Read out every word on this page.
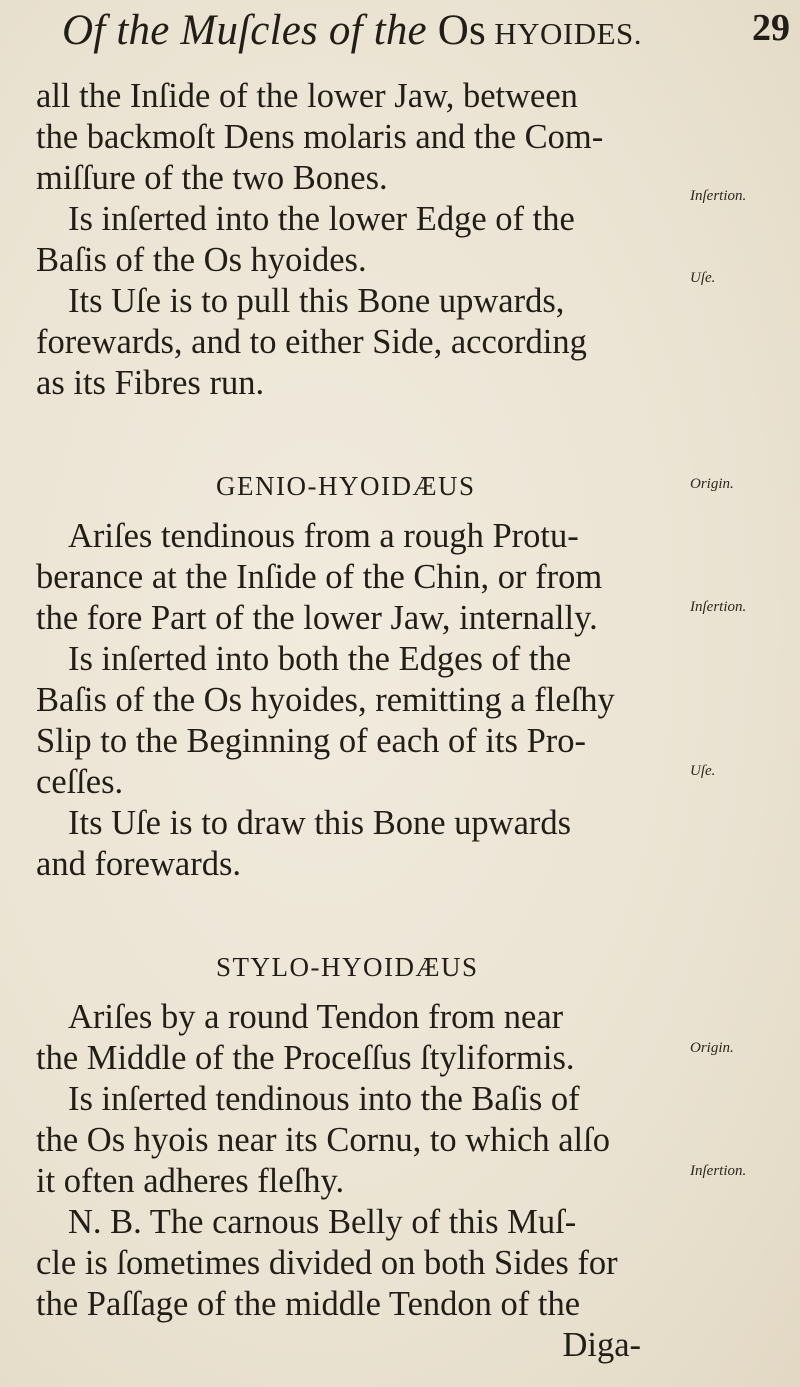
Of the Muſcles of the Os HYOIDES.	29
all the Inſide of the lower Jaw, between
the backmoſt Dens molaris and the Com-
miſſure of the two Bones.
Is inſerted into the lower Edge of the
Baſis of the Os hyoides.
Its Uſe is to pull this Bone upwards,
forewards, and to either Side, according
as its Fibres run.
GENIO-HYOIDÆUS
Ariſes tendinous from a rough Protu-
berance at the Inſide of the Chin, or from
the fore Part of the lower Jaw, internally.
Is inſerted into both the Edges of the
Baſis of the Os hyoides, remitting a fleſhy
Slip to the Beginning of each of its Pro-
ceſſes.
Its Uſe is to draw this Bone upwards
and forewards.
STYLO-HYOIDÆUS
Ariſes by a round Tendon from near
the Middle of the Proceſſus ſtyliformis.
Is inſerted tendinous into the Baſis of
the Os hyois near its Cornu, to which alſo
it often adheres fleſhy.
N. B. The carnous Belly of this Muſ-
cle is ſometimes divided on both Sides for
the Paſſage of the middle Tendon of the
Diga-
Inſertion.
Uſe.
Origin.
Inſertion.
Uſe.
Origin.
Inſertion.
